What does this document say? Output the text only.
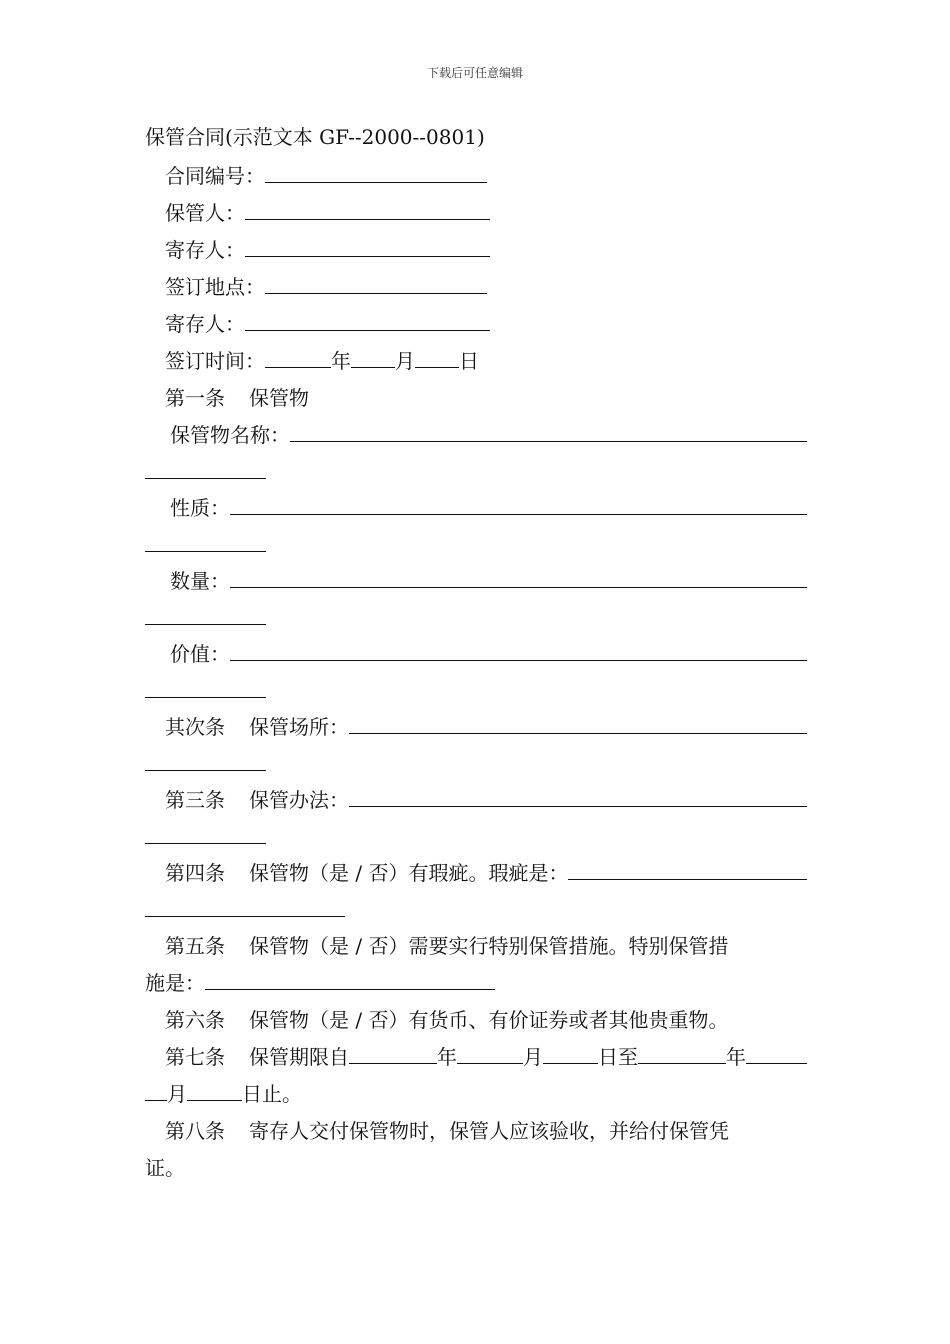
下载后可任意编辑
保管合同(示范文本 GF--2000--0801)
合同编号：
保管人：
寄存人：
签订地点：
寄存人：
签订时间：	年 月 日
第一条 保管物
保管物名称：
性质：
数量：
价值：
其次条 保管场所：
第三条 保管办法：
第四条 保管物（是 / 否）有瑕疵。瑕疵是：
第五条 保管物（是 / 否）需要实行特别保管措施。特别保管措
施是：
第六条 保管物（是 / 否）有货币、有价证券或者其他贵重物。
第七条 保管期限自	年	月	日至	年
月	日止。
第八条 寄存人交付保管物时，保管人应该验收，并给付保管凭
证。
